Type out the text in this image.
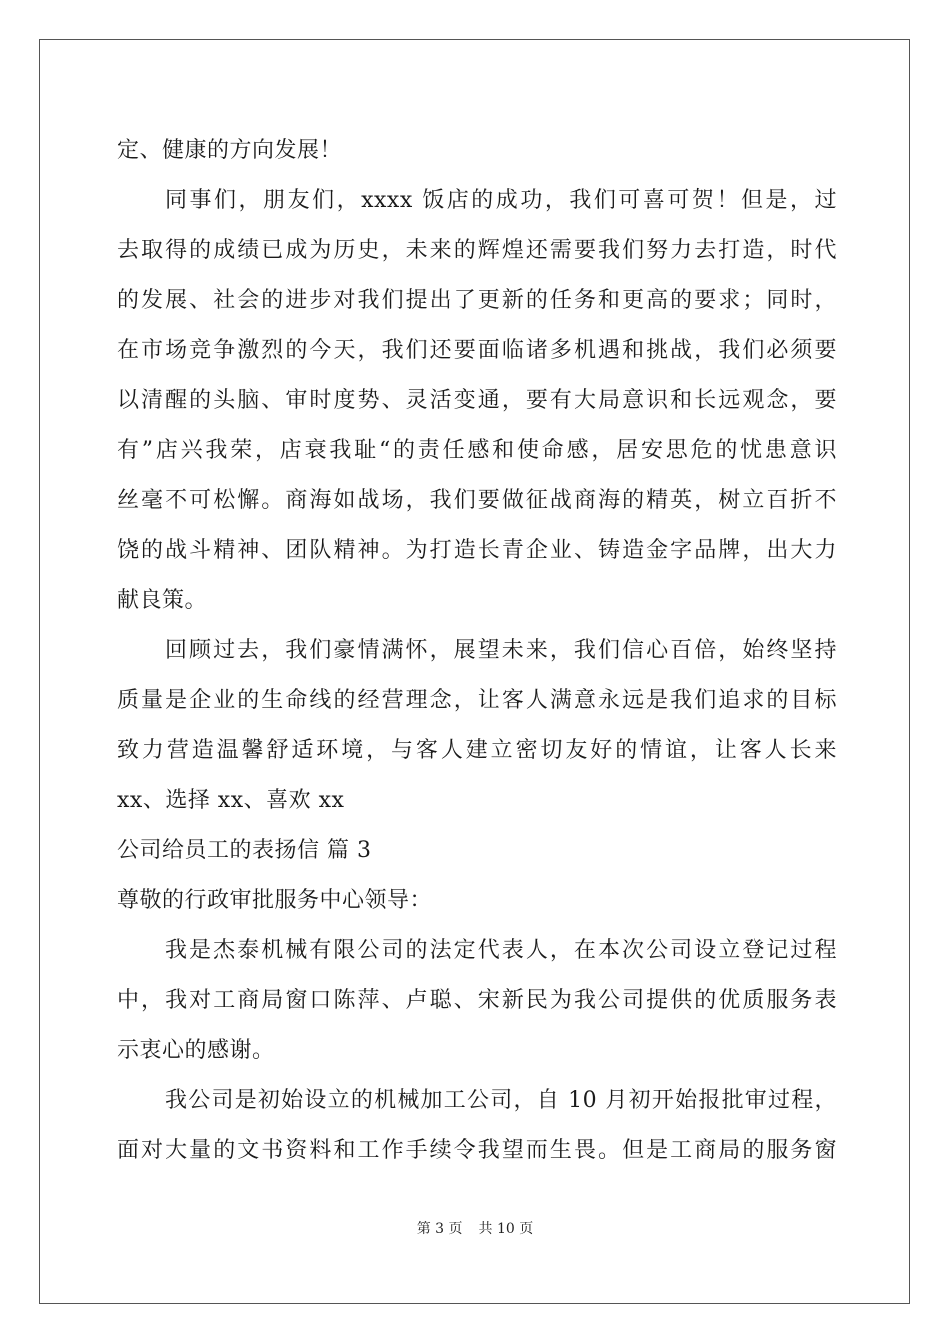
定、健康的方向发展！
同事们，朋友们，xxxx 饭店的成功，我们可喜可贺！但是，过
去取得的成绩已成为历史，未来的辉煌还需要我们努力去打造，时代
的发展、社会的进步对我们提出了更新的任务和更高的要求；同时，
在市场竞争激烈的今天，我们还要面临诸多机遇和挑战，我们必须要
以清醒的头脑、审时度势、灵活变通，要有大局意识和长远观念，要
有”店兴我荣，店衰我耻“的责任感和使命感，居安思危的忧患意识
丝毫不可松懈。商海如战场，我们要做征战商海的精英，树立百折不
饶的战斗精神、团队精神。为打造长青企业、铸造金字品牌，出大力
献良策。
回顾过去，我们豪情满怀，展望未来，我们信心百倍，始终坚持
质量是企业的生命线的经营理念，让客人满意永远是我们追求的目标
致力营造温馨舒适环境，与客人建立密切友好的情谊，让客人长来
xx、选择 xx、喜欢 xx
公司给员工的表扬信 篇 3
尊敬的行政审批服务中心领导：
我是杰泰机械有限公司的法定代表人，在本次公司设立登记过程
中，我对工商局窗口陈萍、卢聪、宋新民为我公司提供的优质服务表
示衷心的感谢。
我公司是初始设立的机械加工公司，自 10 月初开始报批审过程，
面对大量的文书资料和工作手续令我望而生畏。但是工商局的服务窗
第 3 页 共 10 页
